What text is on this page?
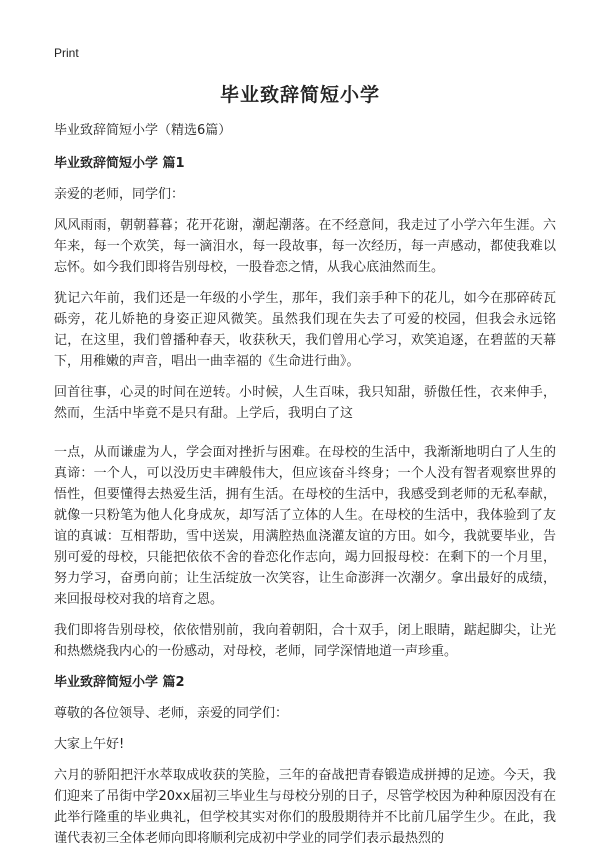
Print
毕业致辞简短小学

毕业致辞简短小学（精选6篇）

毕业致辞简短小学 篇1

亲爱的老师，同学们：

风风雨雨，朝朝暮暮；花开花谢，潮起潮落。在不经意间，我走过了小学六年生涯。六年来，每一个欢笑，每一滴泪水，每一段故事，每一次经历，每一声感动，都使我难以忘怀。如今我们即将告别母校，一股眷恋之情，从我心底油然而生。

犹记六年前，我们还是一年级的小学生，那年，我们亲手种下的花儿，如今在那碎砖瓦砾旁，花儿娇艳的身姿正迎风微笑。虽然我们现在失去了可爱的校园，但我会永远铭记，在这里，我们曾播种春天，收获秋天，我们曾用心学习，欢笑追逐，在碧蓝的天幕下，用稚嫩的声音，唱出一曲幸福的《生命进行曲》。

回首往事，心灵的时间在逆转。小时候，人生百味，我只知甜，骄傲任性，衣来伸手，然而，生活中毕竟不是只有甜。上学后，我明白了这

一点，从而谦虚为人，学会面对挫折与困难。在母校的生活中，我渐渐地明白了人生的真谛：一个人，可以没历史丰碑般伟大，但应该奋斗终身；一个人没有智者观察世界的悟性，但要懂得去热爱生活，拥有生活。在母校的生活中，我感受到老师的无私奉献，就像一只粉笔为他人化身成灰，却写活了立体的人生。在母校的生活中，我体验到了友谊的真诚：互相帮助，雪中送炭，用满腔热血浇灌友谊的方田。如今，我就要毕业，告别可爱的母校，只能把依依不舍的眷恋化作志向，竭力回报母校：在剩下的一个月里，努力学习，奋勇向前；让生活绽放一次笑容，让生命澎湃一次潮夕。拿出最好的成绩，来回报母校对我的培育之恩。

我们即将告别母校，依依惜别前，我向着朝阳，合十双手，闭上眼睛，踮起脚尖，让光和热燃烧我内心的一份感动，对母校，老师，同学深情地道一声珍重。

毕业致辞简短小学 篇2

尊敬的各位领导、老师，亲爱的同学们：

大家上午好!

六月的骄阳把汗水萃取成收获的笑脸，三年的奋战把青春锻造成拼搏的足迹。今天，我们迎来了吊街中学20xx届初三毕业生与母校分别的日子，尽管学校因为种种原因没有在此举行隆重的毕业典礼，但学校其实对你们的殷殷期待并不比前几届学生少。在此，我谨代表初三全体老师向即将顺利完成初中学业的同学们表示最热烈的
